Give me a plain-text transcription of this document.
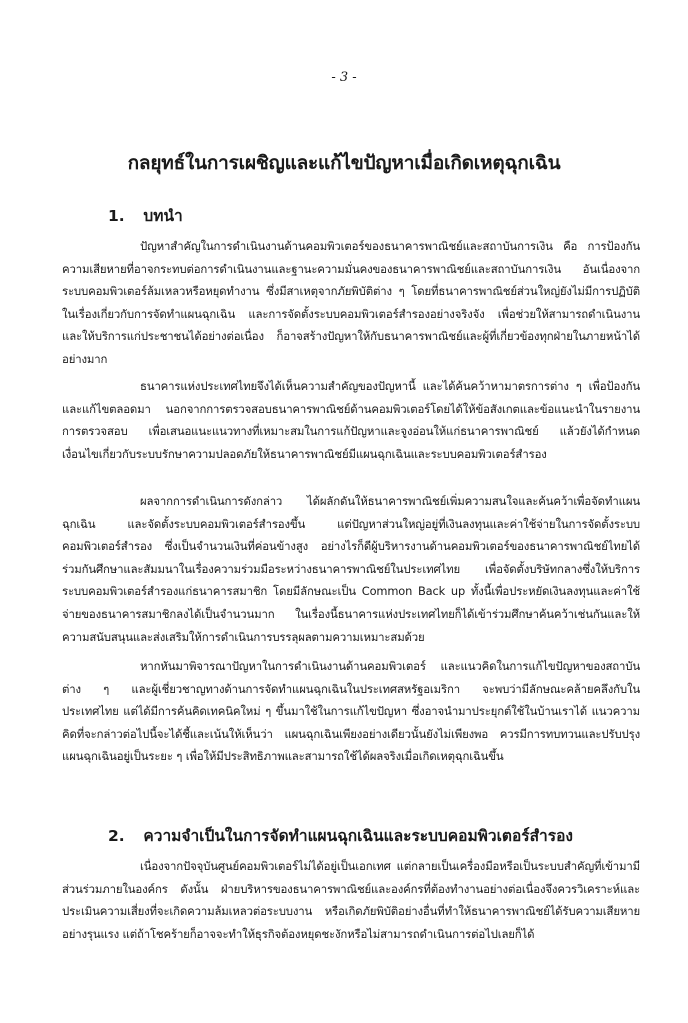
- 3 -
กลยุทธ์ในการเผชิญและแก้ไขปัญหาเมื่อเกิดเหตุฉุกเฉิน
1. บทนำ

ปัญหาสำคัญในการดำเนินงานด้านคอมพิวเตอร์ของธนาคารพาณิชย์และสถาบันการเงิน คือ การป้องกันความเสียหายที่อาจกระทบต่อการดำเนินงานและฐานะความมั่นคงของธนาคารพาณิชย์และสถาบันการเงิน อันเนื่องจากระบบคอมพิวเตอร์ล้มเหลวหรือหยุดทำงาน ซึ่งมีสาเหตุจากภัยพิบัติต่าง ๆ โดยที่ธนาคารพาณิชย์ส่วนใหญ่ยังไม่มีการปฏิบัติในเรื่องเกี่ยวกับการจัดทำแผนฉุกเฉิน และการจัดตั้งระบบคอมพิวเตอร์สำรองอย่างจริงจัง เพื่อช่วยให้สามารถดำเนินงานและให้บริการแก่ประชาชนได้อย่างต่อเนื่อง ก็อาจสร้างปัญหาให้กับธนาคารพาณิชย์และผู้ที่เกี่ยวข้องทุกฝ่ายในภายหน้าได้อย่างมาก

ธนาคารแห่งประเทศไทยจึงได้เห็นความสำคัญของปัญหานี้ และได้ค้นคว้าหามาตรการต่าง ๆ เพื่อป้องกันและแก้ไขตลอดมา นอกจากการตรวจสอบธนาคารพาณิชย์ด้านคอมพิวเตอร์โดยได้ให้ข้อสังเกตและข้อแนะนำในรายงานการตรวจสอบ เพื่อเสนอแนะแนวทางที่เหมาะสมในการแก้ปัญหาและจูงอ่อนให้แก่ธนาคารพาณิชย์ แล้วยังได้กำหนดเงื่อนไขเกี่ยวกับระบบรักษาความปลอดภัยให้ธนาคารพาณิชย์มีแผนฉุกเฉินและระบบคอมพิวเตอร์สำรอง

ผลจากการดำเนินการดังกล่าว ได้ผลักดันให้ธนาคารพาณิชย์เพิ่มความสนใจและค้นคว้าเพื่อจัดทำแผนฉุกเฉิน และจัดตั้งระบบคอมพิวเตอร์สำรองขึ้น แต่ปัญหาส่วนใหญ่อยู่ที่เงินลงทุนและค่าใช้จ่ายในการจัดตั้งระบบคอมพิวเตอร์สำรอง ซึ่งเป็นจำนวนเงินที่ค่อนข้างสูง อย่างไรก็ดีผู้บริหารงานด้านคอมพิวเตอร์ของธนาคารพาณิชย์ไทยได้ร่วมกันศึกษาและสัมมนาในเรื่องความร่วมมือระหว่างธนาคารพาณิชย์ในประเทศไทย เพื่อจัดตั้งบริษัทกลางซึ่งให้บริการระบบคอมพิวเตอร์สำรองแก่ธนาคารสมาชิก โดยมีลักษณะเป็น Common Back up ทั้งนี้เพื่อประหยัดเงินลงทุนและค่าใช้จ่ายของธนาคารสมาชิกลงได้เป็นจำนวนมาก ในเรื่องนี้ธนาคารแห่งประเทศไทยก็ได้เข้าร่วมศึกษาค้นคว้าเช่นกันและให้ความสนับสนุนและส่งเสริมให้การดำเนินการบรรลุผลตามความเหมาะสมด้วย

หากหันมาพิจารณาปัญหาในการดำเนินงานด้านคอมพิวเตอร์ และแนวคิดในการแก้ไขปัญหาของสถาบันต่าง ๆ และผู้เชี่ยวชาญทางด้านการจัดทำแผนฉุกเฉินในประเทศสหรัฐอเมริกา จะพบว่ามีลักษณะคล้ายคลึงกับในประเทศไทย แต่ได้มีการค้นคิดเทคนิคใหม่ ๆ ขึ้นมาใช้ในการแก้ไขปัญหา ซึ่งอาจนำมาประยุกต์ใช้ในบ้านเราได้ แนวความคิดที่จะกล่าวต่อไปนี้จะได้ชี้และเน้นให้เห็นว่า แผนฉุกเฉินเพียงอย่างเดียวนั้นยังไม่เพียงพอ ควรมีการทบทวนและปรับปรุงแผนฉุกเฉินอยู่เป็นระยะ ๆ เพื่อให้มีประสิทธิภาพและสามารถใช้ได้ผลจริงเมื่อเกิดเหตุฉุกเฉินขึ้น

2. ความจำเป็นในการจัดทำแผนฉุกเฉินและระบบคอมพิวเตอร์สำรอง

เนื่องจากปัจจุบันศูนย์คอมพิวเตอร์ไม่ได้อยู่เป็นเอกเทศ แต่กลายเป็นเครื่องมือหรือเป็นระบบสำคัญที่เข้ามามีส่วนร่วมภายในองค์กร ดังนั้น ฝ่ายบริหารของธนาคารพาณิชย์และองค์กรที่ต้องทำงานอย่างต่อเนื่องจึงควรวิเคราะห์และประเมินความเสี่ยงที่จะเกิดความล้มเหลวต่อระบบงาน หรือเกิดภัยพิบัติอย่างอื่นที่ทำให้ธนาคารพาณิชย์ได้รับความเสียหายอย่างรุนแรง แต่ถ้าโชคร้ายก็อาจจะทำให้ธุรกิจต้องหยุดชะงักหรือไม่สามารถดำเนินการต่อไปเลยก็ได้
